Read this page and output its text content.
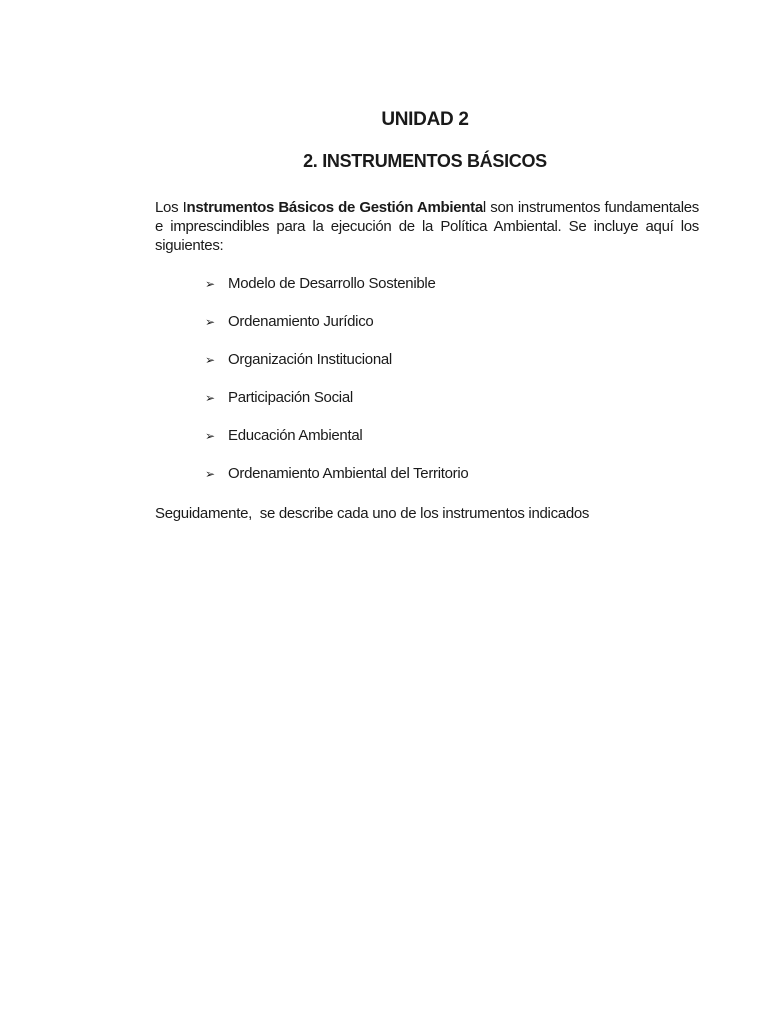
UNIDAD 2
2. INSTRUMENTOS BÁSICOS

Los Instrumentos Básicos de Gestión Ambiental son instrumentos fundamentales e imprescindibles para la ejecución de la Política Ambiental. Se incluye aquí los siguientes:

➢ Modelo de Desarrollo Sostenible
➢ Ordenamiento Jurídico
➢ Organización Institucional
➢ Participación Social
➢ Educación Ambiental
➢ Ordenamiento Ambiental del Territorio

Seguidamente,  se describe cada uno de los instrumentos indicados
